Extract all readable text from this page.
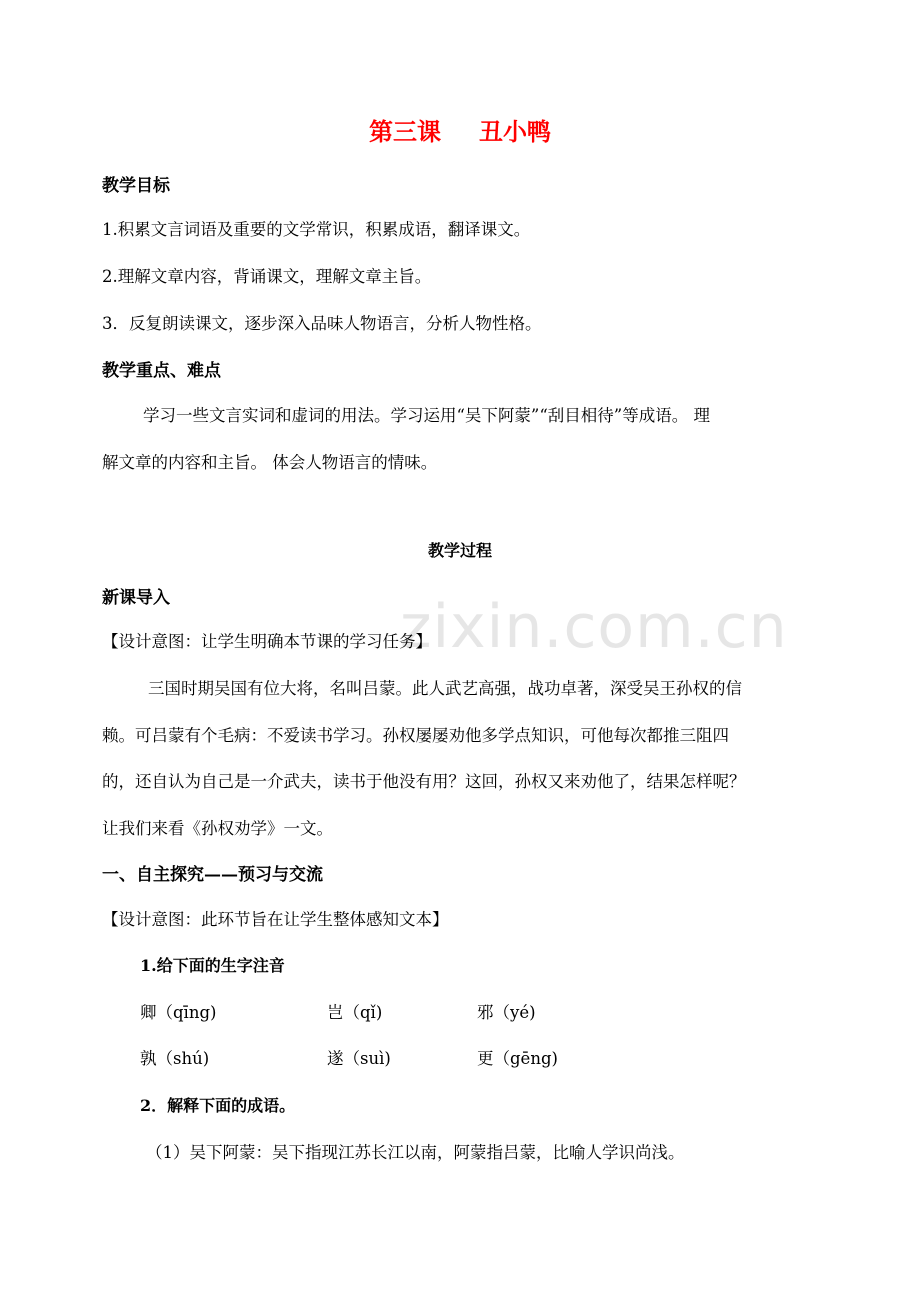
zixin.com.cn
第三课 丑小鸭
教学目标
1.积累文言词语及重要的文学常识，积累成语，翻译课文。
2.理解文章内容，背诵课文，理解文章主旨。
3．反复朗读课文，逐步深入品味人物语言，分析人物性格。
教学重点、难点
学习一些文言实词和虚词的用法。学习运用“吴下阿蒙”“刮目相待”等成语。 理
解文章的内容和主旨。 体会人物语言的情味。
教学过程
新课导入
【设计意图：让学生明确本节课的学习任务】
三国时期吴国有位大将，名叫吕蒙。此人武艺高强，战功卓著，深受吴王孙权的信
赖。可吕蒙有个毛病：不爱读书学习。孙权屡屡劝他多学点知识，可他每次都推三阻四
的，还自认为自己是一介武夫，读书于他没有用？这回，孙权又来劝他了，结果怎样呢？
让我们来看《孙权劝学》一文。
一、自主探究——预习与交流
【设计意图：此环节旨在让学生整体感知文本】
1.给下面的生字注音
卿（qīng)	岂（qǐ)	邪（yé)
孰（shú)	遂（suì)	更（gēng)
2．解释下面的成语。
（1）吴下阿蒙：吴下指现江苏长江以南，阿蒙指吕蒙，比喻人学识尚浅。
